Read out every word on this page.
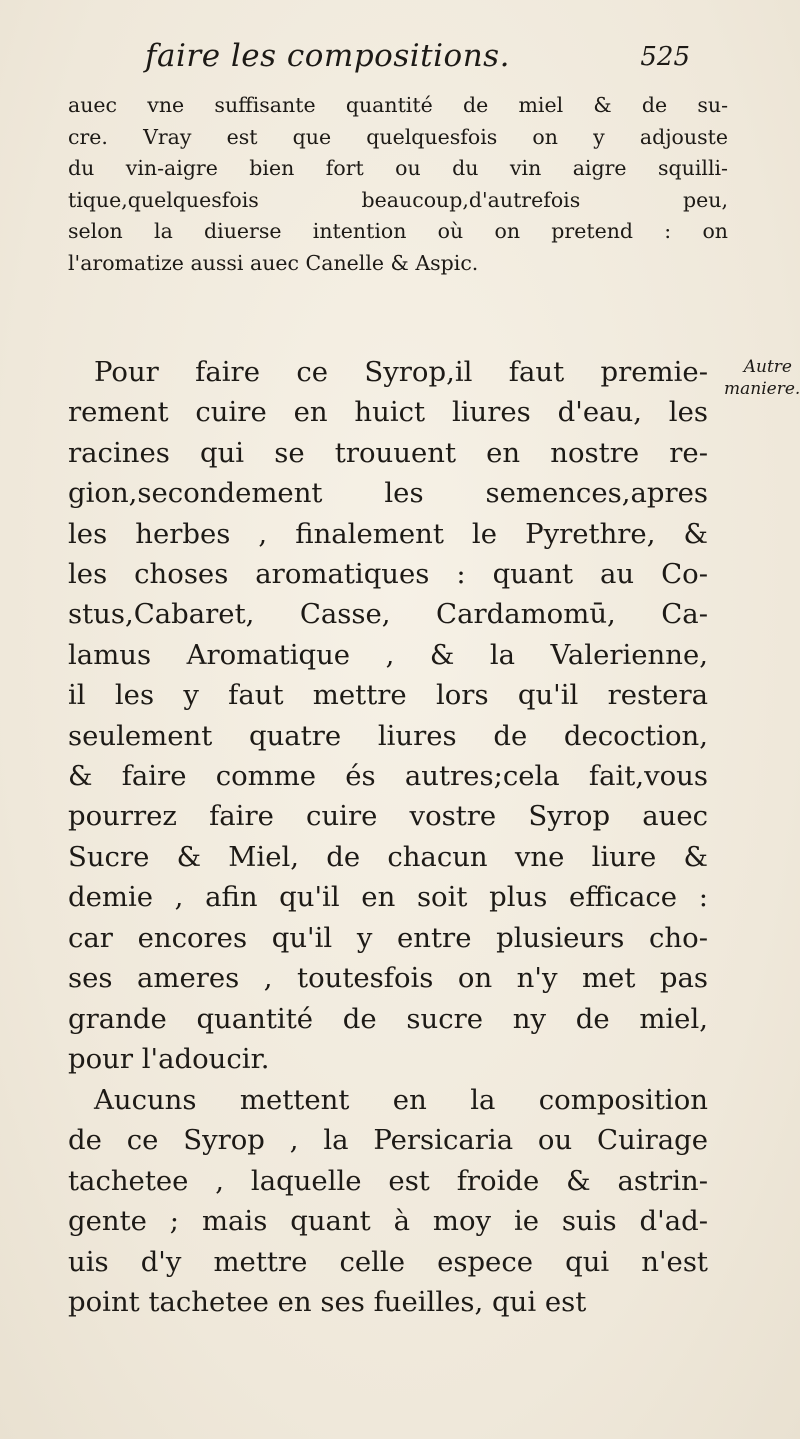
faire les compositions.	525

auec vne suffisante quantité de miel & de su-

cre. Vray est que quelquesfois on y adjouste

du vin-aigre bien fort ou du vin aigre squilli-

tique,quelquesfois beaucoup,d'autrefois peu,

selon la diuerse intention où on pretend : on

l'aromatize aussi auec Canelle & Aspic.

Autre
maniere.

Pour faire ce Syrop,il faut premie-

rement cuire en huict liures d'eau, les

racines qui se trouuent en nostre re-

gion,secondement les semences,apres

les herbes , finalement le Pyrethre, &

les choses aromatiques : quant au Co-

stus,Cabaret, Casse, Cardamomū, Ca-

lamus Aromatique , & la Valerienne,

il les y faut mettre lors qu'il restera

seulement quatre liures de decoction,

& faire comme és autres;cela fait,vous

pourrez faire cuire vostre Syrop auec

Sucre & Miel, de chacun vne liure &

demie , afin qu'il en soit plus efficace :

car encores qu'il y entre plusieurs cho-

ses ameres , toutesfois on n'y met pas

grande quantité de sucre ny de miel,

pour l'adoucir.

Aucuns mettent en la composition

de ce Syrop , la Persicaria ou Cuirage

tachetee , laquelle est froide & astrin-

gente ; mais quant à moy ie suis d'ad-

uis d'y mettre celle espece qui n'est

point tachetee en ses fueilles, qui est
